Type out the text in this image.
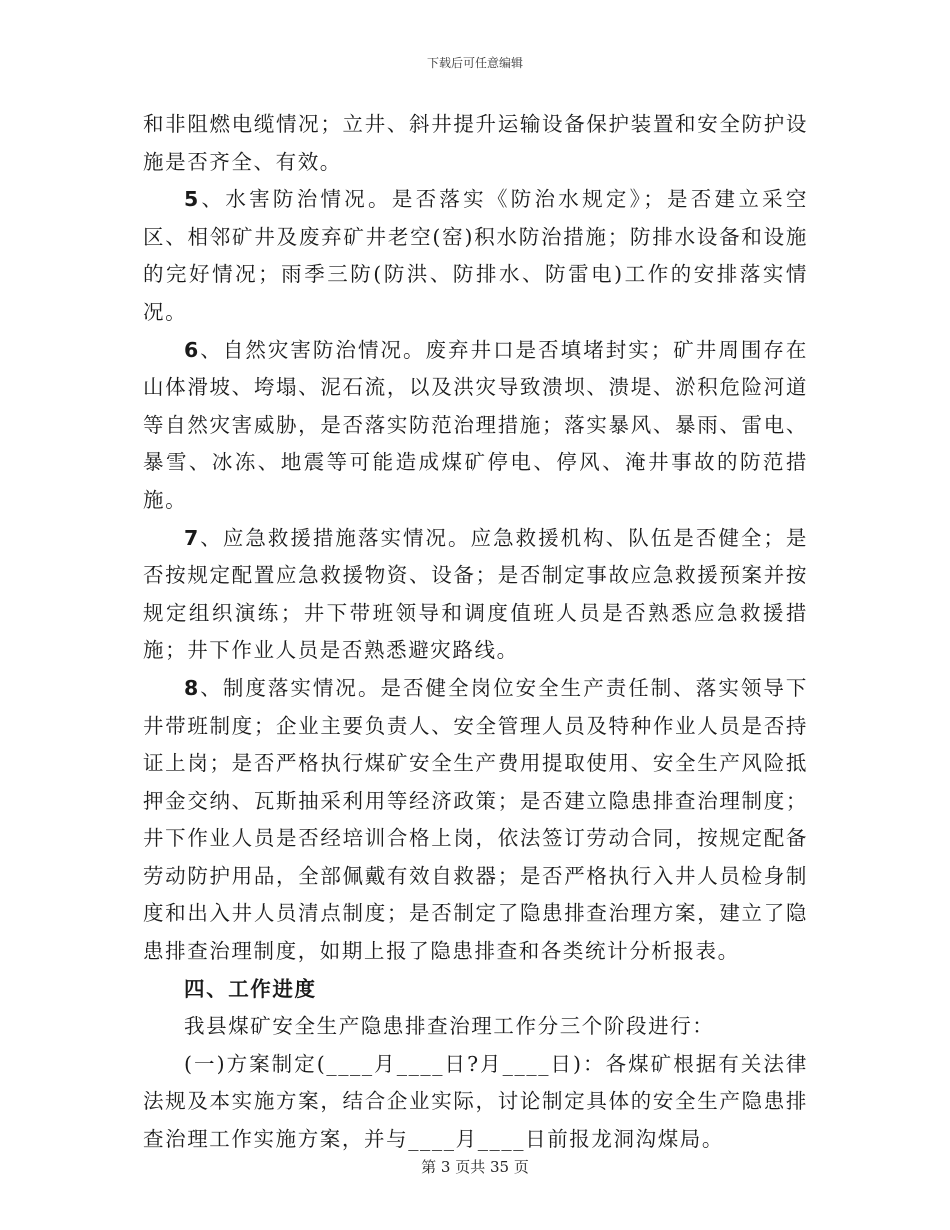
下载后可任意编辑

和非阻燃电缆情况；立井、斜井提升运输设备保护装置和安全防护设施是否齐全、有效。

5、水害防治情况。是否落实《防治水规定》；是否建立采空区、相邻矿井及废弃矿井老空(窑)积水防治措施；防排水设备和设施的完好情况；雨季三防(防洪、防排水、防雷电)工作的安排落实情况。

6、自然灾害防治情况。废弃井口是否填堵封实；矿井周围存在山体滑坡、垮塌、泥石流，以及洪灾导致溃坝、溃堤、淤积危险河道等自然灾害威胁，是否落实防范治理措施；落实暴风、暴雨、雷电、暴雪、冰冻、地震等可能造成煤矿停电、停风、淹井事故的防范措施。

7、应急救援措施落实情况。应急救援机构、队伍是否健全；是否按规定配置应急救援物资、设备；是否制定事故应急救援预案并按规定组织演练；井下带班领导和调度值班人员是否熟悉应急救援措施；井下作业人员是否熟悉避灾路线。

8、制度落实情况。是否健全岗位安全生产责任制、落实领导下井带班制度；企业主要负责人、安全管理人员及特种作业人员是否持证上岗；是否严格执行煤矿安全生产费用提取使用、安全生产风险抵押金交纳、瓦斯抽采利用等经济政策；是否建立隐患排查治理制度；井下作业人员是否经培训合格上岗，依法签订劳动合同，按规定配备劳动防护用品，全部佩戴有效自救器；是否严格执行入井人员检身制度和出入井人员清点制度；是否制定了隐患排查治理方案，建立了隐患排查治理制度，如期上报了隐患排查和各类统计分析报表。

四、工作进度

我县煤矿安全生产隐患排查治理工作分三个阶段进行：

(一)方案制定(____月____日?月____日)：各煤矿根据有关法律法规及本实施方案，结合企业实际，讨论制定具体的安全生产隐患排查治理工作实施方案，并与____月____日前报龙洞沟煤局。

第 3 页共 35 页
